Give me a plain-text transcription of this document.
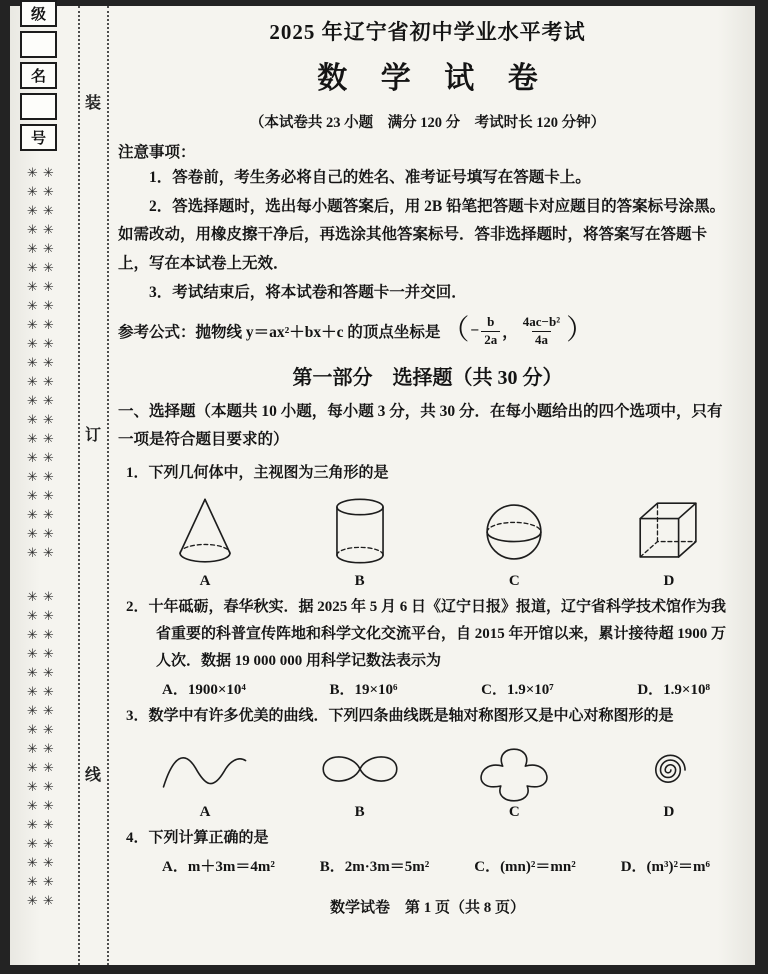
级
名
号
装
订
线
✳✳✳✳✳✳✳✳✳✳✳✳✳✳✳✳✳✳✳✳✳ ✳✳✳✳✳✳✳✳✳✳✳✳✳✳✳✳✳✳✳✳✳
✳✳✳✳✳✳✳✳✳✳✳✳✳✳✳✳✳ ✳✳✳✳✳✳✳✳✳✳✳✳✳✳✳✳✳
2025 年辽宁省初中学业水平考试
数 学 试 卷
（本试卷共 23 小题　满分 120 分　考试时长 120 分钟）
注意事项：

1．答卷前，考生务必将自己的姓名、准考证号填写在答题卡上。

2．答选择题时，选出每小题答案后，用 2B 铅笔把答题卡对应题目的答案标号涂黑。如需改动，用橡皮擦干净后，再选涂其他答案标号．答非选择题时，将答案写在答题卡上，写在本试卷上无效．

3．考试结束后，将本试卷和答题卡一并交回．

参考公式：抛物线 y＝ax²＋bx＋c 的顶点坐标是 （ − $\frac{b}{2a}$ ， $\frac{\text{4ac−b²}}{4a}$ ）
第一部分　选择题（共 30 分）

一、选择题（本题共 10 小题，每小题 3 分，共 30 分．在每小题给出的四个选项中，只有一项是符合题目要求的）

1．下列几何体中，主视图为三角形的是

A	B	C	D

2．十年砥砺，春华秋实．据 2025 年 5 月 6 日《辽宁日报》报道，辽宁省科学技术馆作为我省重要的科普宣传阵地和科学文化交流平台，自 2015 年开馆以来，累计接待超 1900 万人次．数据 19 000 000 用科学记数法表示为

A．1900×10⁴	B．19×10⁶	C．1.9×10⁷	D．1.9×10⁸

3．数学中有许多优美的曲线．下列四条曲线既是轴对称图形又是中心对称图形的是

A	B	C	D

4．下列计算正确的是

A．m＋3m＝4m²	B．2m·3m＝5m²	C．(mn)²＝mn²	D．(m³)²＝m⁶
数学试卷　第 1 页（共 8 页）
